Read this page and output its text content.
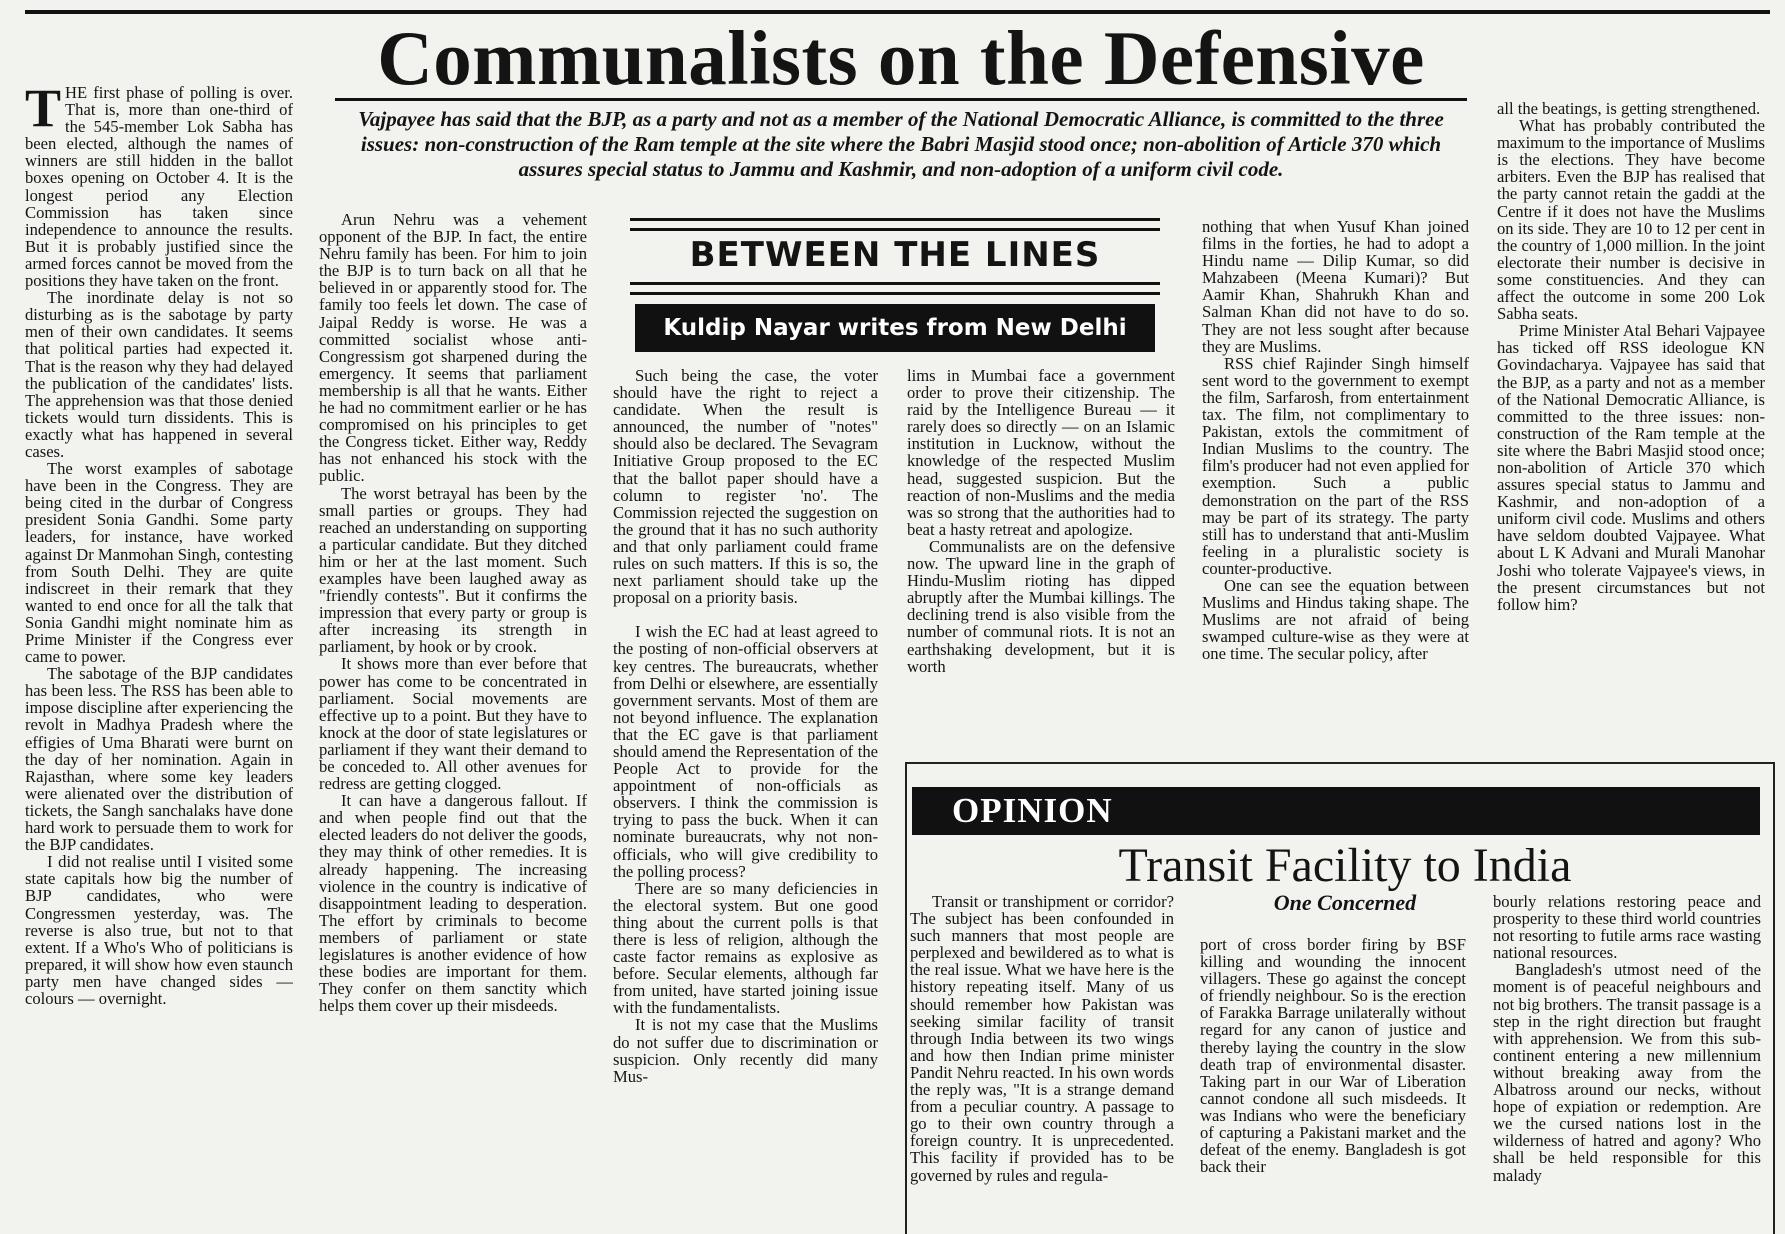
Communalists on the Defensive
Vajpayee has said that the BJP, as a party and not as a member of the National Democratic Alliance, is committed to the three issues: non-construction of the Ram temple at the site where the Babri Masjid stood once; non-abolition of Article 370 which assures special status to Jammu and Kashmir, and non-adoption of a uniform civil code.

THE first phase of polling is over. That is, more than one-third of the 545-member Lok Sabha has been elected, although the names of winners are still hidden in the ballot boxes opening on October 4. It is the longest period any Election Commission has taken since independence to announce the results. But it is probably justified since the armed forces cannot be moved from the positions they have taken on the front.

The inordinate delay is not so disturbing as is the sabotage by party men of their own candidates. It seems that political parties had expected it. That is the reason why they had delayed the publication of the candidates' lists. The apprehension was that those denied tickets would turn dissidents. This is exactly what has happened in several cases.

The worst examples of sabotage have been in the Congress. They are being cited in the durbar of Congress president Sonia Gandhi. Some party leaders, for instance, have worked against Dr Manmohan Singh, contesting from South Delhi. They are quite indiscreet in their remark that they wanted to end once for all the talk that Sonia Gandhi might nominate him as Prime Minister if the Congress ever came to power.

The sabotage of the BJP candidates has been less. The RSS has been able to impose discipline after experiencing the revolt in Madhya Pradesh where the effigies of Uma Bharati were burnt on the day of her nomination. Again in Rajasthan, where some key leaders were alienated over the distribution of tickets, the Sangh sanchalaks have done hard work to persuade them to work for the BJP candidates.

I did not realise until I visited some state capitals how big the number of BJP candidates, who were Congressmen yesterday, was. The reverse is also true, but not to that extent. If a Who's Who of politicians is prepared, it will show how even staunch party men have changed sides — colours — overnight.

Arun Nehru was a vehement opponent of the BJP. In fact, the entire Nehru family has been. For him to join the BJP is to turn back on all that he believed in or apparently stood for. The family too feels let down. The case of Jaipal Reddy is worse. He was a committed socialist whose anti-Congressism got sharpened during the emergency. It seems that parliament membership is all that he wants. Either he had no commitment earlier or he has compromised on his principles to get the Congress ticket. Either way, Reddy has not enhanced his stock with the public.

The worst betrayal has been by the small parties or groups. They had reached an understanding on supporting a particular candidate. But they ditched him or her at the last moment. Such examples have been laughed away as "friendly contests". But it confirms the impression that every party or group is after increasing its strength in parliament, by hook or by crook.

It shows more than ever before that power has come to be concentrated in parliament. Social movements are effective up to a point. But they have to knock at the door of state legislatures or parliament if they want their demand to be conceded to. All other avenues for redress are getting clogged.

It can have a dangerous fallout. If and when people find out that the elected leaders do not deliver the goods, they may think of other remedies. It is already happening. The increasing violence in the country is indicative of disappointment leading to desperation. The effort by criminals to become members of parliament or state legislatures is another evidence of how these bodies are important for them. They confer on them sanctity which helps them cover up their misdeeds.

BETWEEN THE LINES
Kuldip Nayar writes from New Delhi

Such being the case, the voter should have the right to reject a candidate. When the result is announced, the number of "notes" should also be declared. The Sevagram Initiative Group proposed to the EC that the ballot paper should have a column to register 'no'. The Commission rejected the suggestion on the ground that it has no such authority and that only parliament could frame rules on such matters. If this is so, the next parliament should take up the proposal on a priority basis.

I wish the EC had at least agreed to the posting of non-official observers at key centres. The bureaucrats, whether from Delhi or elsewhere, are essentially government servants. Most of them are not beyond influence. The explanation that the EC gave is that parliament should amend the Representation of the People Act to provide for the appointment of non-officials as observers. I think the commission is trying to pass the buck. When it can nominate bureaucrats, why not non-officials, who will give credibility to the polling process?

There are so many deficiencies in the electoral system. But one good thing about the current polls is that there is less of religion, although the caste factor remains as explosive as before. Secular elements, although far from united, have started joining issue with the fundamentalists.

It is not my case that the Muslims do not suffer due to discrimination or suspicion. Only recently did many Mus-

lims in Mumbai face a government order to prove their citizenship. The raid by the Intelligence Bureau — it rarely does so directly — on an Islamic institution in Lucknow, without the knowledge of the respected Muslim head, suggested suspicion. But the reaction of non-Muslims and the media was so strong that the authorities had to beat a hasty retreat and apologize.

Communalists are on the defensive now. The upward line in the graph of Hindu-Muslim rioting has dipped abruptly after the Mumbai killings. The declining trend is also visible from the number of communal riots. It is not an earthshaking development, but it is worth

nothing that when Yusuf Khan joined films in the forties, he had to adopt a Hindu name — Dilip Kumar, so did Mahzabeen (Meena Kumari)? But Aamir Khan, Shahrukh Khan and Salman Khan did not have to do so. They are not less sought after because they are Muslims.

RSS chief Rajinder Singh himself sent word to the government to exempt the film, Sarfarosh, from entertainment tax. The film, not complimentary to Pakistan, extols the commitment of Indian Muslims to the country. The film's producer had not even applied for exemption. Such a public demonstration on the part of the RSS may be part of its strategy. The party still has to understand that anti-Muslim feeling in a pluralistic society is counter-productive.

One can see the equation between Muslims and Hindus taking shape. The Muslims are not afraid of being swamped culture-wise as they were at one time. The secular policy, after

all the beatings, is getting strengthened.

What has probably contributed the maximum to the importance of Muslims is the elections. They have become arbiters. Even the BJP has realised that the party cannot retain the gaddi at the Centre if it does not have the Muslims on its side. They are 10 to 12 per cent in the country of 1,000 million. In the joint electorate their number is decisive in some constituencies. And they can affect the outcome in some 200 Lok Sabha seats.

Prime Minister Atal Behari Vajpayee has ticked off RSS ideologue KN Govindacharya. Vajpayee has said that the BJP, as a party and not as a member of the National Democratic Alliance, is committed to the three issues: non-construction of the Ram temple at the site where the Babri Masjid stood once; non-abolition of Article 370 which assures special status to Jammu and Kashmir, and non-adoption of a uniform civil code. Muslims and others have seldom doubted Vajpayee. What about L K Advani and Murali Manohar Joshi who tolerate Vajpayee's views, in the present circumstances but not follow him?

OPINION
Transit Facility to India
One Concerned

Transit or transhipment or corridor? The subject has been confounded in such manners that most people are perplexed and bewildered as to what is the real issue. What we have here is the history repeating itself. Many of us should remember how Pakistan was seeking similar facility of transit through India between its two wings and how then Indian prime minister Pandit Nehru reacted. In his own words the reply was, "It is a strange demand from a peculiar country. A passage to go to their own country through a foreign country. It is unprecedented. This facility if provided has to be governed by rules and regula-

port of cross border firing by BSF killing and wounding the innocent villagers. These go against the concept of friendly neighbour. So is the erection of Farakka Barrage unilaterally without regard for any canon of justice and thereby laying the country in the slow death trap of environmental disaster. Taking part in our War of Liberation cannot condone all such misdeeds. It was Indians who were the beneficiary of capturing a Pakistani market and the defeat of the enemy. Bangladesh is got back their

bourly relations restoring peace and prosperity to these third world countries not resorting to futile arms race wasting national resources.

Bangladesh's utmost need of the moment is of peaceful neighbours and not big brothers. The transit passage is a step in the right direction but fraught with apprehension. We from this sub-continent entering a new millennium without breaking away from the Albatross around our necks, without hope of expiation or redemption. Are we the cursed nations lost in the wilderness of hatred and agony? Who shall be held responsible for this malady
